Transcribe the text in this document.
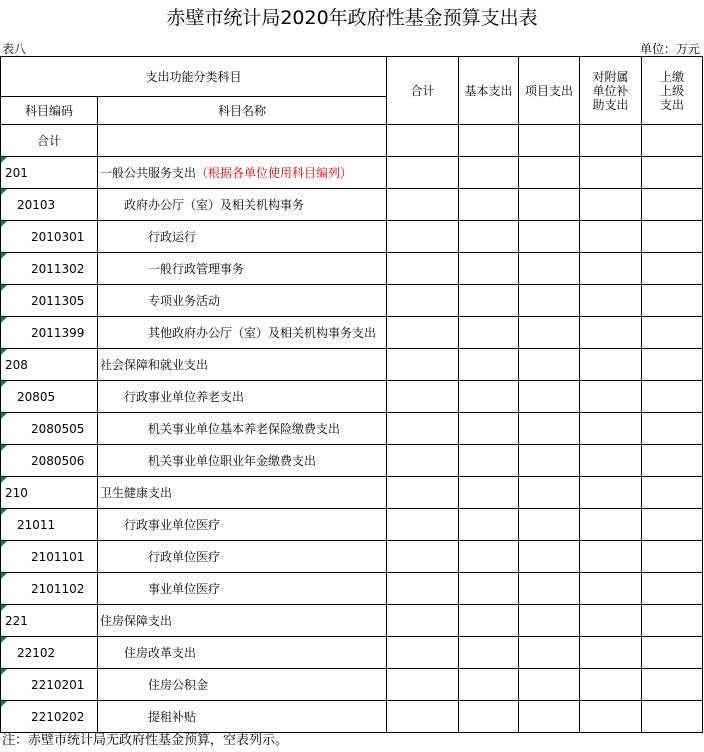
赤壁市统计局2020年政府性基金预算支出表
表八	单位：万元
支出功能分类科目		合计	基本支出	项目支出	对附属单位补助支出	上缴上级支出
科目编码	科目名称					
合计						

201	一般公共服务支出（根据各单位使用科目编列）					

20103	政府办公厅（室）及相关机构事务					

2010301	行政运行					

2011302	一般行政管理事务					

2011305	专项业务活动					

2011399	其他政府办公厅（室）及相关机构事务支出					

208	社会保障和就业支出					

20805	行政事业单位养老支出					

2080505	机关事业单位基本养老保险缴费支出					

2080506	机关事业单位职业年金缴费支出					

210	卫生健康支出					

21011	行政事业单位医疗					

2101101	行政单位医疗					

2101102	事业单位医疗					

221	住房保障支出					

22102	住房改革支出					

2210201	住房公积金					

2210202	提租补贴					
注：赤壁市统计局无政府性基金预算，空表列示。
